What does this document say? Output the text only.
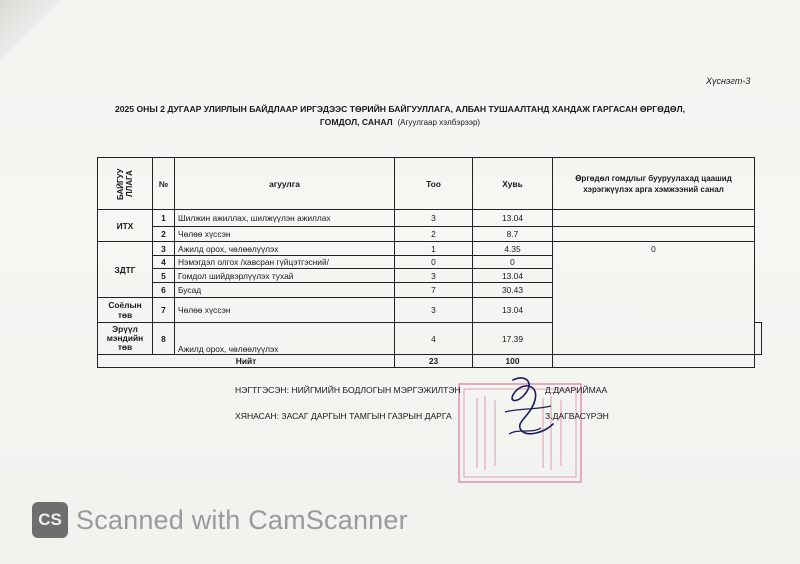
Хүснэгт-3
2025 ОНЫ 2 ДУГААР УЛИРЛЫН БАЙДЛААР ИРГЭДЭЭС ТӨРИЙН БАЙГУУЛЛАГА, АЛБАН ТУШААЛТАНД ХАНДАЖ ГАРГАСАН ӨРГӨДӨЛ,
ГОМДОЛ, САНАЛ (Агуулгаар хэлбэрээр)
БАЙГУУ ЛЛАГА	№	агуулга	Тоо	Хувь	Өргөдөл гомдлыг бууруулахад цаашид хэрэгжүүлэх арга хэмжээний санал	
ИТХ	1	Шилжин ажиллах, шилжүүлэн ажиллах	3	13.04		
	2	Чөлөө хүссэн	2	8.7		
ЗДТГ	3	Ажилд орох, чөлөөлүүлэх	1	4.35	0	
	4	Нэмэгдэл олгох /хавсран гүйцэтгэсний/	0	0		
	5	Гомдол шийдвэрлүүлэх тухай	3	13.04		
	6	Бусад	7	30.43		
Соёлын төв	7	Чөлөө хүссэн	3	13.04		
Эрүүл мэндийн төв	8	Ажилд орох, чөлөөлүүлэх	4	17.39		
Нийт			23	100		
НЭГТГЭСЭН: НИЙГМИЙН БОДЛОГЫН МЭРГЭЖИЛТЭН	Д.ДААРИЙМАА
ХЯНАСАН: ЗАСАГ ДАРГЫН ТАМГЫН ГАЗРЫН ДАРГА	З.ДАГВАСҮРЭН
CS Scanned with CamScanner
